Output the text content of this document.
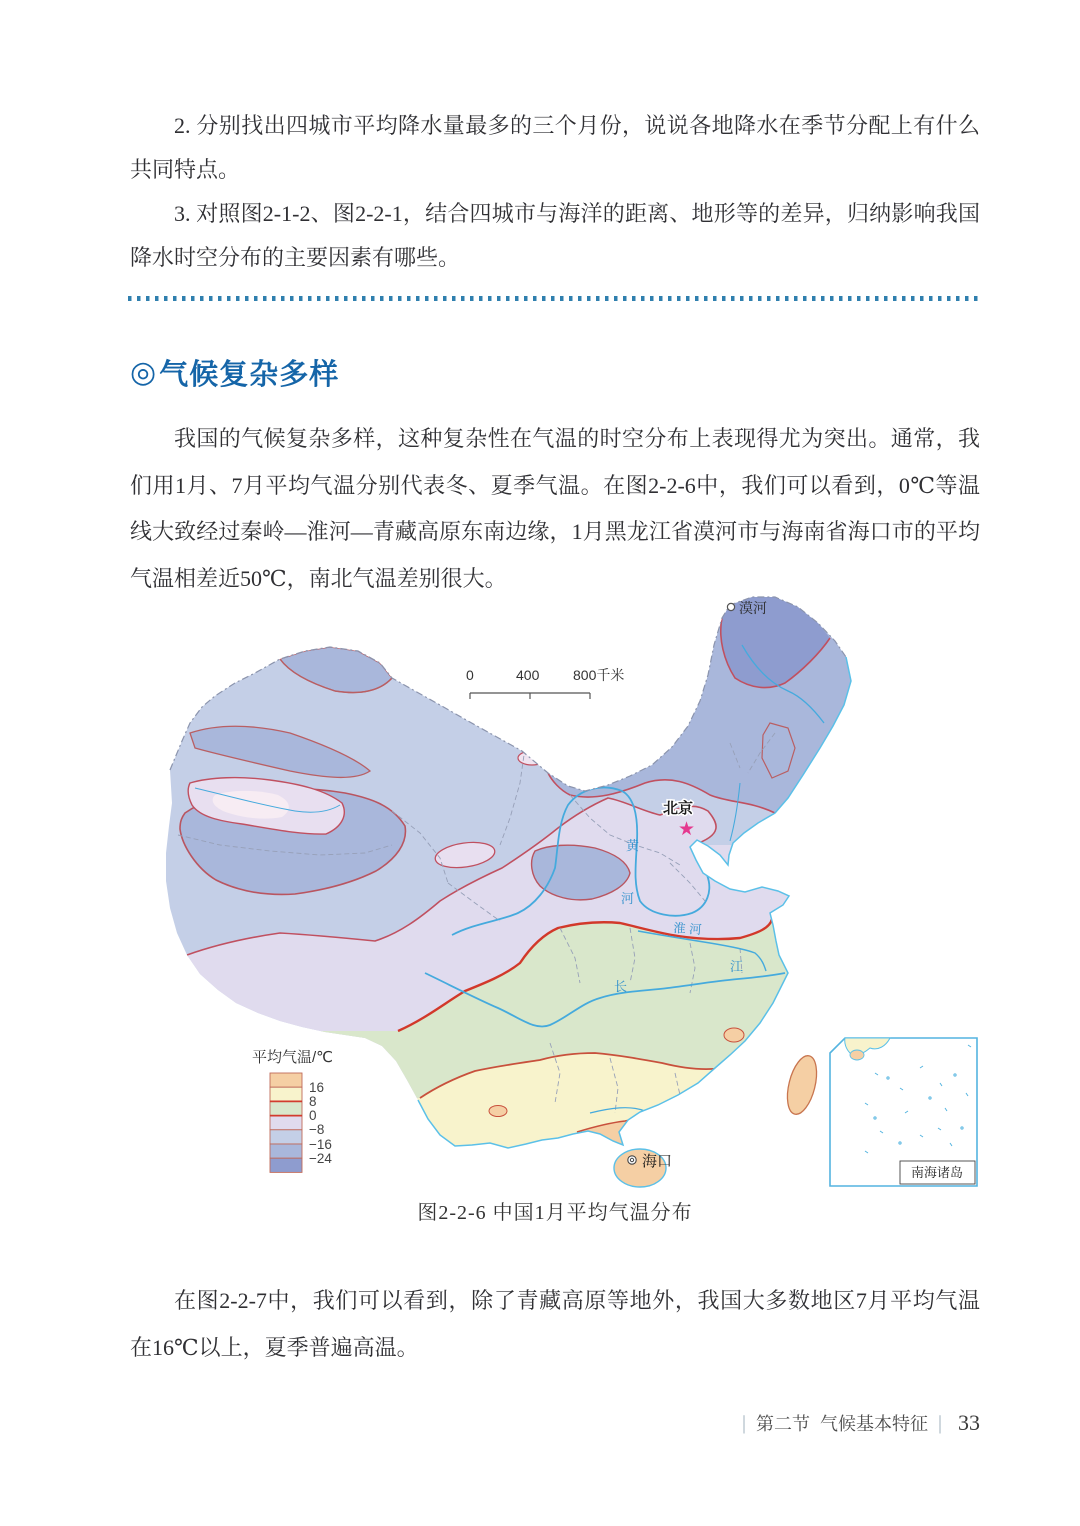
2. 分别找出四城市平均降水量最多的三个月份，说说各地降水在季节分配上有什么共同特点。

3. 对照图2-1-2、图2-2-1，结合四城市与海洋的距离、地形等的差异，归纳影响我国降水时空分布的主要因素有哪些。

◎ 气候复杂多样

我国的气候复杂多样，这种复杂性在气温的时空分布上表现得尤为突出。通常，我们用1月、7月平均气温分别代表冬、夏季气温。在图2-2-6中，我们可以看到，0℃等温线大致经过秦岭—淮河—青藏高原东南边缘，1月黑龙江省漠河市与海南省海口市的平均气温相差近50℃，南北气温差别很大。

漠河
北京
★
海口
黄
河
淮 河
长
江
0	400 800千米
平均气温/℃
16
8
0
−8
−16
−24
南海诸岛
图2-2-6 中国1月平均气温分布

在图2-2-7中，我们可以看到，除了青藏高原等地外，我国大多数地区7月平均气温在16℃以上，夏季普遍高温。

| 第二节 气候基本特征 | 33
